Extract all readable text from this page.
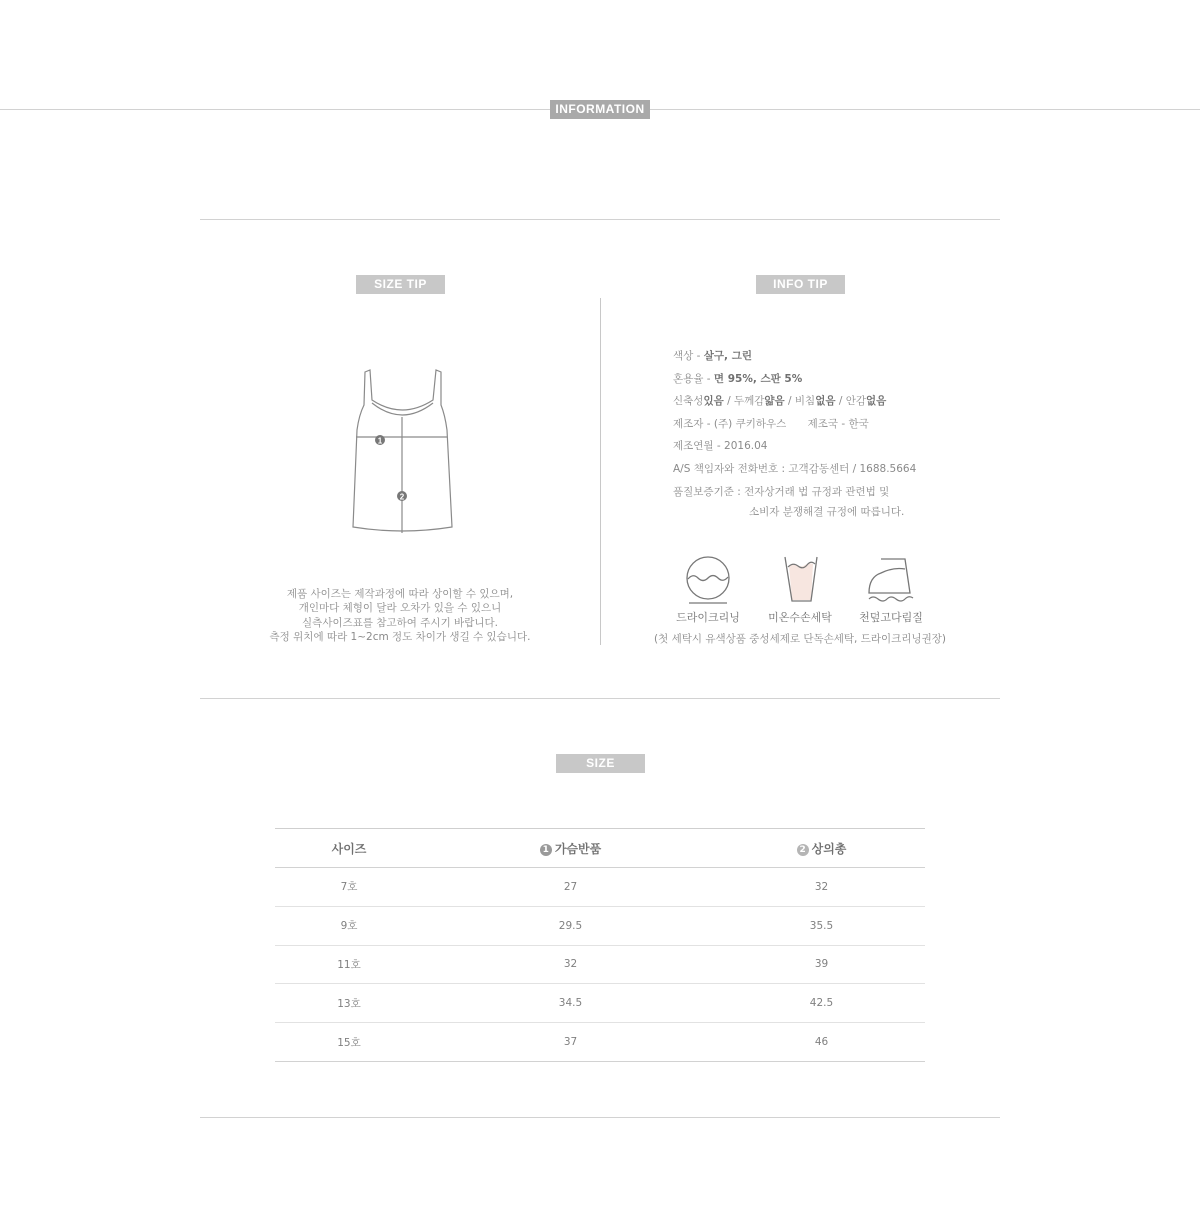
INFORMATION
SIZE TIP
1
2
제품 사이즈는 제작과정에 따라 상이할 수 있으며,
개인마다 체형이 달라 오차가 있을 수 있으니
실측사이즈표를 참고하여 주시기 바랍니다.
측정 위치에 따라 1~2cm 정도 차이가 생길 수 있습니다.
INFO TIP
색상 - 살구, 그린
혼용율 - 면 95%, 스판 5%
신축성있음 / 두께감얇음 / 비침없음 / 안감없음
제조자 - (주) 쿠키하우스 제조국 - 한국
제조연월 - 2016.04
A/S 책임자와 전화번호 : 고객감동센터 / 1688.5664
품질보증기준 : 전자상거래 법 규정과 관련법 및
소비자 분쟁해결 규정에 따릅니다.
드라이크리닝	미온수손세탁	천덮고다림질
(첫 세탁시 유색상품 중성세제로 단독손세탁, 드라이크리닝권장)
SIZE
사이즈	1 가슴반품	2 상의총
7호	27	32
9호	29.5	35.5
11호	32	39
13호	34.5	42.5
15호	37	46
